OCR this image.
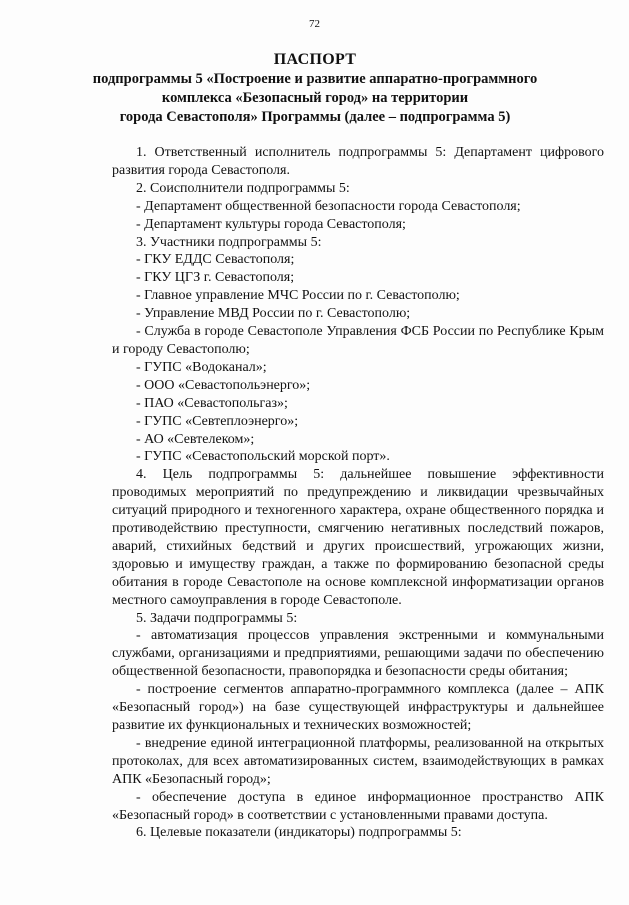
72
ПАСПОРТ
подпрограммы 5 «Построение и развитие аппаратно-программного
комплекса «Безопасный город» на территории
города Севастополя» Программы (далее – подпрограмма 5)

1. Ответственный исполнитель подпрограммы 5: Департамент цифрового развития города Севастополя.

2. Соисполнители подпрограммы 5:

- Департамент общественной безопасности города Севастополя;

- Департамент культуры города Севастополя;

3. Участники подпрограммы 5:

- ГКУ ЕДДС Севастополя;

- ГКУ ЦГЗ г. Севастополя;

- Главное управление МЧС России по г. Севастополю;

- Управление МВД России по г. Севастополю;

- Служба в городе Севастополе Управления ФСБ России по Республике Крым и городу Севастополю;

- ГУПС «Водоканал»;

- ООО «Севастопольэнерго»;

- ПАО «Севастопольгаз»;

- ГУПС «Севтеплоэнерго»;

- АО «Севтелеком»;

- ГУПС «Севастопольский морской порт».

4. Цель подпрограммы 5: дальнейшее повышение эффективности проводимых мероприятий по предупреждению и ликвидации чрезвычайных ситуаций природного и техногенного характера, охране общественного порядка и противодействию преступности, смягчению негативных последствий пожаров, аварий, стихийных бедствий и других происшествий, угрожающих жизни, здоровью и имуществу граждан, а также по формированию безопасной среды обитания в городе Севастополе на основе комплексной информатизации органов местного самоуправления в городе Севастополе.

5. Задачи подпрограммы 5:

- автоматизация процессов управления экстренными и коммунальными службами, организациями и предприятиями, решающими задачи по обеспечению общественной безопасности, правопорядка и безопасности среды обитания;

- построение сегментов аппаратно-программного комплекса (далее – АПК «Безопасный город») на базе существующей инфраструктуры и дальнейшее развитие их функциональных и технических возможностей;

- внедрение единой интеграционной платформы, реализованной на открытых протоколах, для всех автоматизированных систем, взаимодействующих в рамках АПК «Безопасный город»;

- обеспечение доступа в единое информационное пространство АПК «Безопасный город» в соответствии с установленными правами доступа.

6. Целевые показатели (индикаторы) подпрограммы 5:
